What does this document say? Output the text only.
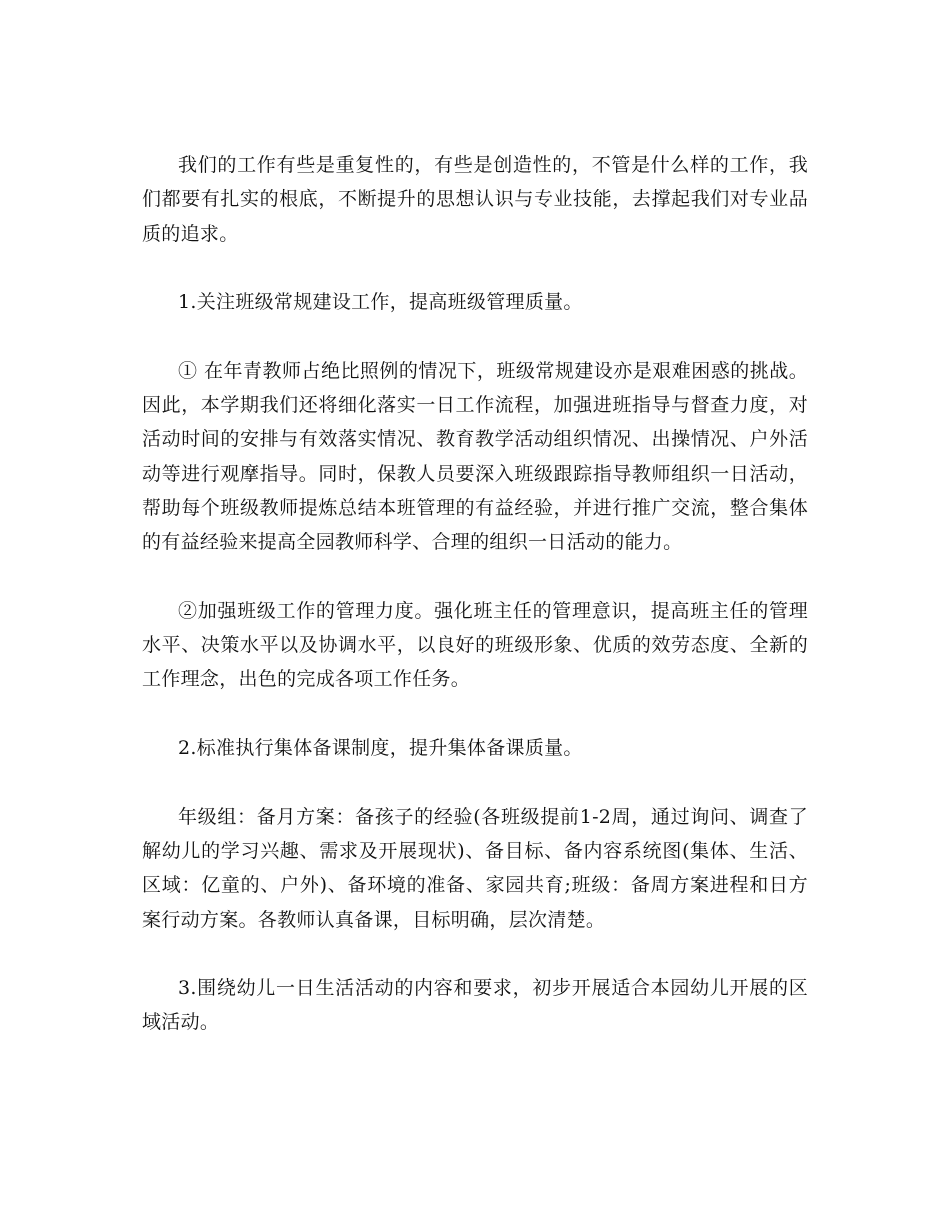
我们的工作有些是重复性的，有些是创造性的，不管是什么样的工作，我们都要有扎实的根底，不断提升的思想认识与专业技能，去撑起我们对专业品质的追求。

1.关注班级常规建设工作，提高班级管理质量。

① 在年青教师占绝比照例的情况下，班级常规建设亦是艰难困惑的挑战。因此，本学期我们还将细化落实一日工作流程，加强进班指导与督查力度，对活动时间的安排与有效落实情况、教育教学活动组织情况、出操情况、户外活动等进行观摩指导。同时，保教人员要深入班级跟踪指导教师组织一日活动，帮助每个班级教师提炼总结本班管理的有益经验，并进行推广交流，整合集体的有益经验来提高全园教师科学、合理的组织一日活动的能力。

②加强班级工作的管理力度。强化班主任的管理意识，提高班主任的管理水平、决策水平以及协调水平，以良好的班级形象、优质的效劳态度、全新的工作理念，出色的完成各项工作任务。

2.标准执行集体备课制度，提升集体备课质量。

年级组：备月方案：备孩子的经验(各班级提前1-2周，通过询问、调查了解幼儿的学习兴趣、需求及开展现状)、备目标、备内容系统图(集体、生活、区域：亿童的、户外)、备环境的准备、家园共育;班级：备周方案进程和日方案行动方案。各教师认真备课，目标明确，层次清楚。

3.围绕幼儿一日生活活动的内容和要求，初步开展适合本园幼儿开展的区域活动。
